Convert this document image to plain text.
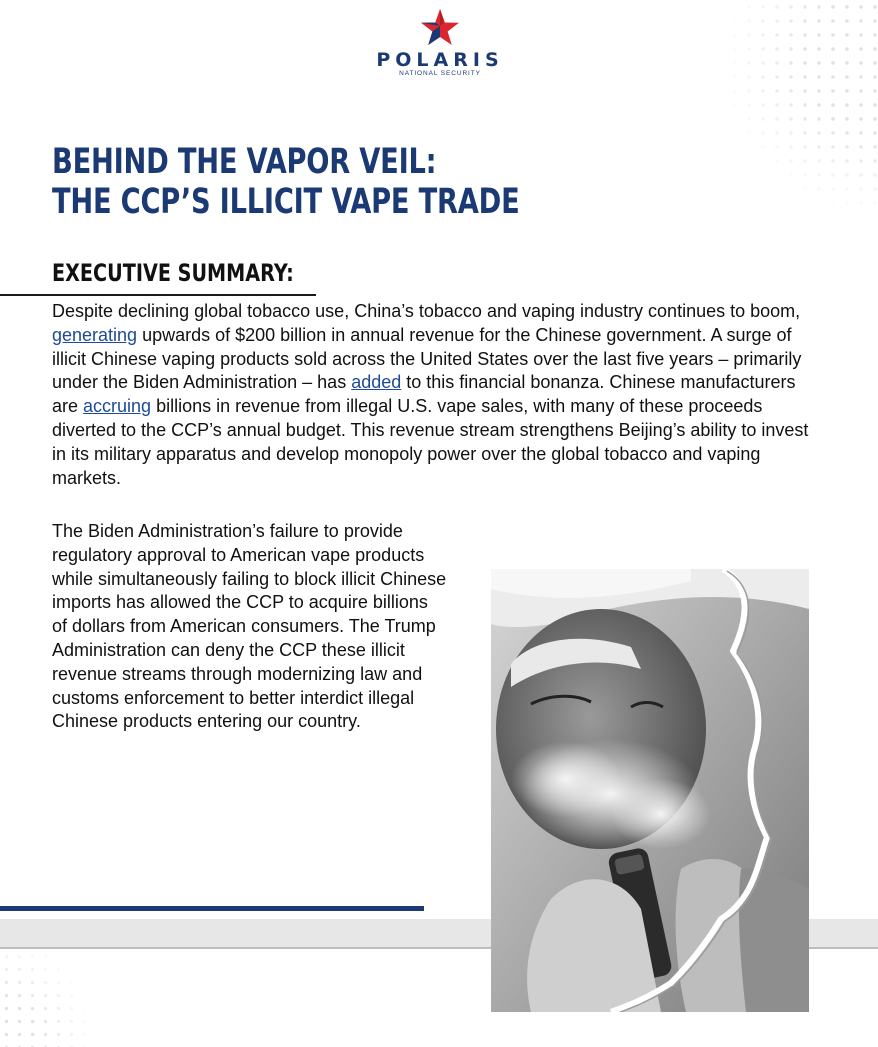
POLARIS
NATIONAL SECURITY
BEHIND THE VAPOR VEIL:
THE CCP’S ILLICIT VAPE TRADE
EXECUTIVE SUMMARY:

Despite declining global tobacco use, China’s tobacco and vaping industry continues to boom, generating upwards of $200 billion in annual revenue for the Chinese government. A surge of illicit Chinese vaping products sold across the United States over the last five years – primarily under the Biden Administration – has added to this financial bonanza. Chinese manufacturers are accruing billions in revenue from illegal U.S. vape sales, with many of these proceeds diverted to the CCP’s annual budget. This revenue stream strengthens Beijing’s ability to invest in its military apparatus and develop monopoly power over the global tobacco and vaping markets.

The Biden Administration’s failure to provide regulatory approval to American vape products while simultaneously failing to block illicit Chinese imports has allowed the CCP to acquire billions of dollars from American consumers. The Trump Administration can deny the CCP these illicit revenue streams through modernizing law and customs enforcement to better interdict illegal Chinese products entering our country.
